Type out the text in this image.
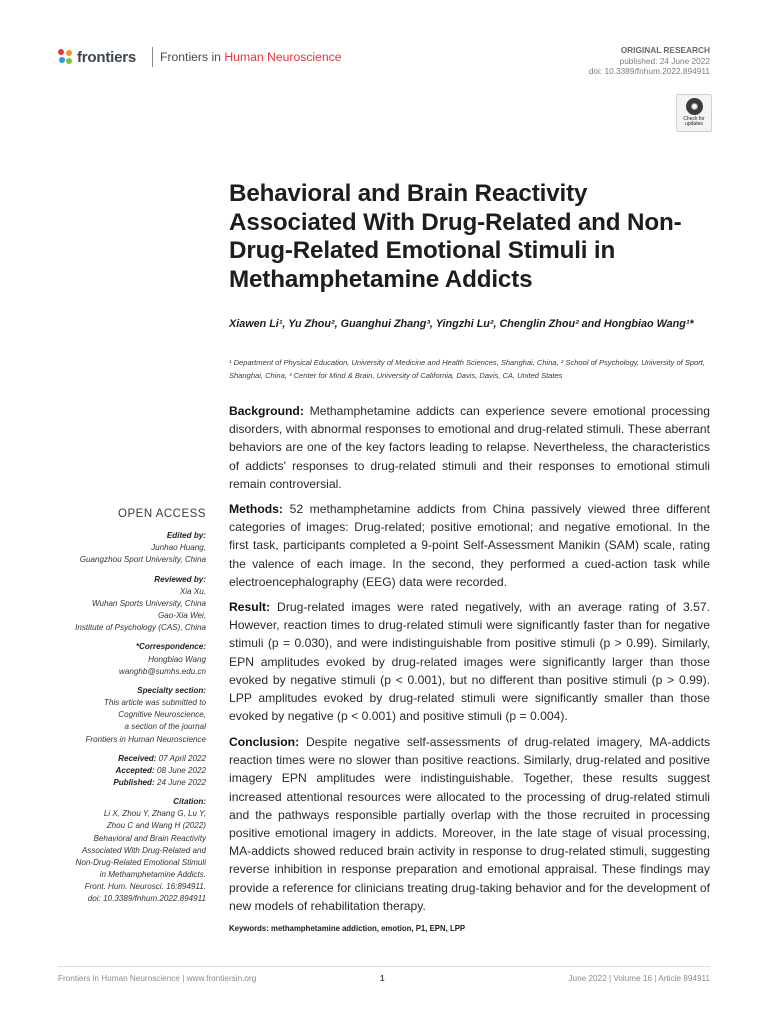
frontiers Frontiers in Human Neuroscience	ORIGINAL RESEARCH
published: 24 June 2022
doi: 10.3389/fnhum.2022.894911
Check for updates
Behavioral and Brain Reactivity Associated With Drug-Related and Non-Drug-Related Emotional Stimuli in Methamphetamine Addicts
Xiawen Li¹, Yu Zhou², Guanghui Zhang³, Yingzhi Lu², Chenglin Zhou² and Hongbiao Wang¹*
¹ Department of Physical Education, University of Medicine and Health Sciences, Shanghai, China, ² School of Psychology, University of Sport, Shanghai, China, ³ Center for Mind & Brain, University of California, Davis, Davis, CA, United States
Background: Methamphetamine addicts can experience severe emotional processing disorders, with abnormal responses to emotional and drug-related stimuli. These aberrant behaviors are one of the key factors leading to relapse. Nevertheless, the characteristics of addicts' responses to drug-related stimuli and their responses to emotional stimuli remain controversial.
Methods: 52 methamphetamine addicts from China passively viewed three different categories of images: Drug-related; positive emotional; and negative emotional. In the first task, participants completed a 9-point Self-Assessment Manikin (SAM) scale, rating the valence of each image. In the second, they performed a cued-action task while electroencephalography (EEG) data were recorded.
Result: Drug-related images were rated negatively, with an average rating of 3.57. However, reaction times to drug-related stimuli were significantly faster than for negative stimuli (p = 0.030), and were indistinguishable from positive stimuli (p > 0.99). Similarly, EPN amplitudes evoked by drug-related images were significantly larger than those evoked by negative stimuli (p < 0.001), but no different than positive stimuli (p > 0.99). LPP amplitudes evoked by drug-related stimuli were significantly smaller than those evoked by negative (p < 0.001) and positive stimuli (p = 0.004).
Conclusion: Despite negative self-assessments of drug-related imagery, MA-addicts reaction times were no slower than positive reactions. Similarly, drug-related and positive imagery EPN amplitudes were indistinguishable. Together, these results suggest increased attentional resources were allocated to the processing of drug-related stimuli and the pathways responsible partially overlap with the those recruited in processing positive emotional imagery in addicts. Moreover, in the late stage of visual processing, MA-addicts showed reduced brain activity in response to drug-related stimuli, suggesting reverse inhibition in response preparation and emotional appraisal. These findings may provide a reference for clinicians treating drug-taking behavior and for the development of new models of rehabilitation therapy.
Keywords: methamphetamine addiction, emotion, P1, EPN, LPP
OPEN ACCESS
Edited by:
Junhao Huang,
Guangzhou Sport University, China
Reviewed by:
Xia Xu,
Wuhan Sports University, China
Gao-Xia Wei,
Institute of Psychology (CAS), China
*Correspondence:
Hongbiao Wang
wanghb@sumhs.edu.cn
Specialty section:
This article was submitted to
Cognitive Neuroscience,
a section of the journal
Frontiers in Human Neuroscience
Received: 07 April 2022
Accepted: 08 June 2022
Published: 24 June 2022
Citation:
Li X, Zhou Y, Zhang G, Lu Y,
Zhou C and Wang H (2022)
Behavioral and Brain Reactivity
Associated With Drug-Related and
Non-Drug-Related Emotional Stimuli
in Methamphetamine Addicts.
Front. Hum. Neurosci. 16:894911.
doi: 10.3389/fnhum.2022.894911
Frontiers in Human Neuroscience | www.frontiersin.org	1	June 2022 | Volume 16 | Article 894911
